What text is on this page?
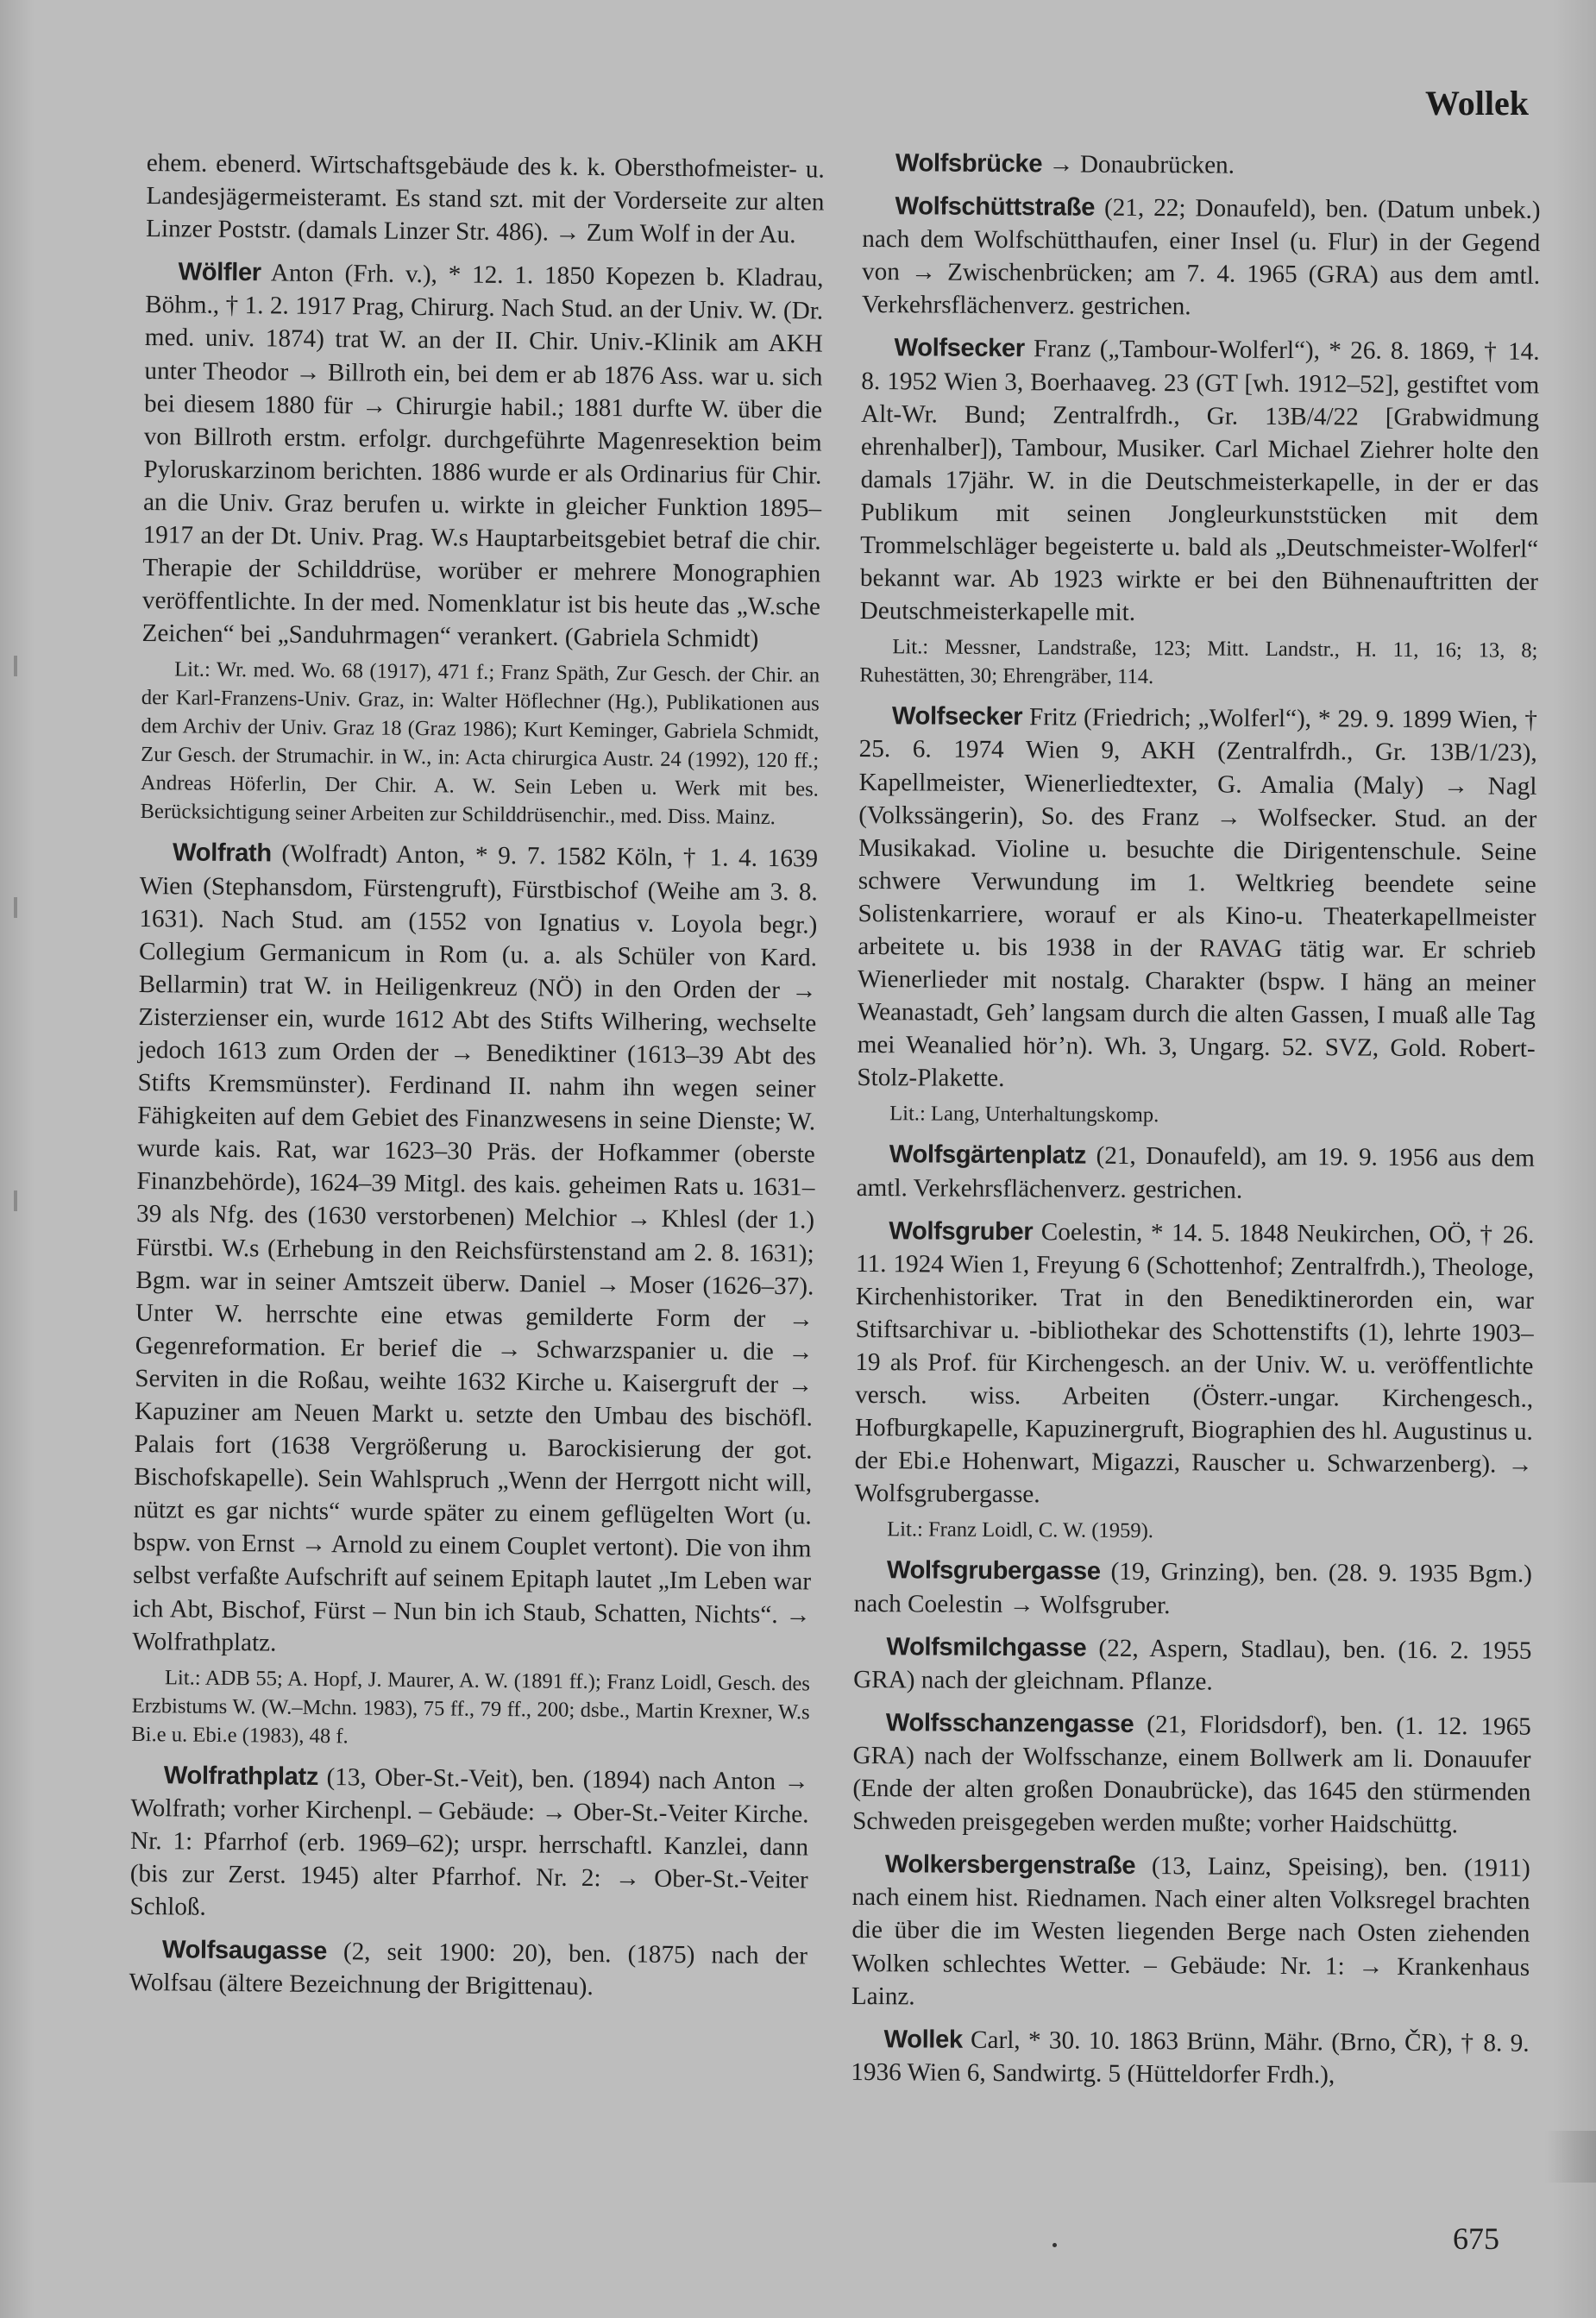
Wollek

ehem. ebenerd. Wirtschaftsgebäude des k. k. Obersthofmeister- u. Landesjägermeisteramt. Es stand szt. mit der Vorderseite zur alten Linzer Poststr. (damals Linzer Str. 486). → Zum Wolf in der Au.

Wölfler Anton (Frh. v.), * 12. 1. 1850 Kopezen b. Kladrau, Böhm., † 1. 2. 1917 Prag, Chirurg. Nach Stud. an der Univ. W. (Dr. med. univ. 1874) trat W. an der II. Chir. Univ.-Klinik am AKH unter Theodor → Billroth ein, bei dem er ab 1876 Ass. war u. sich bei diesem 1880 für → Chirurgie habil.; 1881 durfte W. über die von Billroth erstm. erfolgr. durchgeführte Magenresektion beim Pyloruskarzinom berichten. 1886 wurde er als Ordinarius für Chir. an die Univ. Graz berufen u. wirkte in gleicher Funktion 1895–1917 an der Dt. Univ. Prag. W.s Hauptarbeitsgebiet betraf die chir. Therapie der Schilddrüse, worüber er mehrere Monographien veröffentlichte. In der med. Nomenklatur ist bis heute das „W.sche Zeichen“ bei „Sanduhrmagen“ verankert. (Gabriela Schmidt)

Lit.: Wr. med. Wo. 68 (1917), 471 f.; Franz Späth, Zur Gesch. der Chir. an der Karl-Franzens-Univ. Graz, in: Walter Höflechner (Hg.), Publikationen aus dem Archiv der Univ. Graz 18 (Graz 1986); Kurt Keminger, Gabriela Schmidt, Zur Gesch. der Strumachir. in W., in: Acta chirurgica Austr. 24 (1992), 120 ff.; Andreas Höferlin, Der Chir. A. W. Sein Leben u. Werk mit bes. Berücksichtigung seiner Arbeiten zur Schilddrüsenchir., med. Diss. Mainz.

Wolfrath (Wolfradt) Anton, * 9. 7. 1582 Köln, † 1. 4. 1639 Wien (Stephansdom, Fürstengruft), Fürstbischof (Weihe am 3. 8. 1631). Nach Stud. am (1552 von Ignatius v. Loyola begr.) Collegium Germanicum in Rom (u. a. als Schüler von Kard. Bellarmin) trat W. in Heiligenkreuz (NÖ) in den Orden der → Zisterzienser ein, wurde 1612 Abt des Stifts Wilhering, wechselte jedoch 1613 zum Orden der → Benediktiner (1613–39 Abt des Stifts Kremsmünster). Ferdinand II. nahm ihn wegen seiner Fähigkeiten auf dem Gebiet des Finanzwesens in seine Dienste; W. wurde kais. Rat, war 1623–30 Präs. der Hofkammer (oberste Finanzbehörde), 1624–39 Mitgl. des kais. geheimen Rats u. 1631–39 als Nfg. des (1630 verstorbenen) Melchior → Khlesl (der 1.) Fürstbi. W.s (Erhebung in den Reichsfürstenstand am 2. 8. 1631); Bgm. war in seiner Amtszeit überw. Daniel → Moser (1626–37). Unter W. herrschte eine etwas gemilderte Form der → Gegenreformation. Er berief die → Schwarzspanier u. die → Serviten in die Roßau, weihte 1632 Kirche u. Kaisergruft der → Kapuziner am Neuen Markt u. setzte den Umbau des bischöfl. Palais fort (1638 Vergrößerung u. Barockisierung der got. Bischofskapelle). Sein Wahlspruch „Wenn der Herrgott nicht will, nützt es gar nichts“ wurde später zu einem geflügelten Wort (u. bspw. von Ernst → Arnold zu einem Couplet vertont). Die von ihm selbst verfaßte Aufschrift auf seinem Epitaph lautet „Im Leben war ich Abt, Bischof, Fürst – Nun bin ich Staub, Schatten, Nichts“. → Wolfrathplatz.

Lit.: ADB 55; A. Hopf, J. Maurer, A. W. (1891 ff.); Franz Loidl, Gesch. des Erzbistums W. (W.–Mchn. 1983), 75 ff., 79 ff., 200; dsbe., Martin Krexner, W.s Bi.e u. Ebi.e (1983), 48 f.

Wolfrathplatz (13, Ober-St.-Veit), ben. (1894) nach Anton → Wolfrath; vorher Kirchenpl. – Gebäude: → Ober-St.-Veiter Kirche. Nr. 1: Pfarrhof (erb. 1969–62); urspr. herrschaftl. Kanzlei, dann (bis zur Zerst. 1945) alter Pfarrhof. Nr. 2: → Ober-St.-Veiter Schloß.

Wolfsaugasse (2, seit 1900: 20), ben. (1875) nach der Wolfsau (ältere Bezeichnung der Brigittenau).

Wolfsbrücke → Donaubrücken.

Wolfschüttstraße (21, 22; Donaufeld), ben. (Datum unbek.) nach dem Wolfschütthaufen, einer Insel (u. Flur) in der Gegend von → Zwischenbrücken; am 7. 4. 1965 (GRA) aus dem amtl. Verkehrsflächenverz. gestrichen.

Wolfsecker Franz („Tambour-Wolferl“), * 26. 8. 1869, † 14. 8. 1952 Wien 3, Boerhaaveg. 23 (GT [wh. 1912–52], gestiftet vom Alt-Wr. Bund; Zentralfrdh., Gr. 13B/4/22 [Grabwidmung ehrenhalber]), Tambour, Musiker. Carl Michael Ziehrer holte den damals 17jähr. W. in die Deutschmeisterkapelle, in der er das Publikum mit seinen Jongleurkunststücken mit dem Trommelschläger begeisterte u. bald als „Deutschmeister-Wolferl“ bekannt war. Ab 1923 wirkte er bei den Bühnenauftritten der Deutschmeisterkapelle mit.

Lit.: Messner, Landstraße, 123; Mitt. Landstr., H. 11, 16; 13, 8; Ruhestätten, 30; Ehrengräber, 114.

Wolfsecker Fritz (Friedrich; „Wolferl“), * 29. 9. 1899 Wien, † 25. 6. 1974 Wien 9, AKH (Zentralfrdh., Gr. 13B/1/23), Kapellmeister, Wienerliedtexter, G. Amalia (Maly) → Nagl (Volkssängerin), So. des Franz → Wolfsecker. Stud. an der Musikakad. Violine u. besuchte die Dirigentenschule. Seine schwere Verwundung im 1. Weltkrieg beendete seine Solistenkarriere, worauf er als Kino-u. Theaterkapellmeister arbeitete u. bis 1938 in der RAVAG tätig war. Er schrieb Wienerlieder mit nostalg. Charakter (bspw. I häng an meiner Weanastadt, Geh’ langsam durch die alten Gassen, I muaß alle Tag mei Weanalied hör’n). Wh. 3, Ungarg. 52. SVZ, Gold. Robert-Stolz-Plakette.

Lit.: Lang, Unterhaltungskomp.

Wolfsgärtenplatz (21, Donaufeld), am 19. 9. 1956 aus dem amtl. Verkehrsflächenverz. gestrichen.

Wolfsgruber Coelestin, * 14. 5. 1848 Neukirchen, OÖ, † 26. 11. 1924 Wien 1, Freyung 6 (Schottenhof; Zentralfrdh.), Theologe, Kirchenhistoriker. Trat in den Benediktinerorden ein, war Stiftsarchivar u. -bibliothekar des Schottenstifts (1), lehrte 1903–19 als Prof. für Kirchengesch. an der Univ. W. u. veröffentlichte versch. wiss. Arbeiten (Österr.-ungar. Kirchengesch., Hofburgkapelle, Kapuzinergruft, Biographien des hl. Augustinus u. der Ebi.e Hohenwart, Migazzi, Rauscher u. Schwarzenberg). → Wolfsgrubergasse.

Lit.: Franz Loidl, C. W. (1959).

Wolfsgrubergasse (19, Grinzing), ben. (28. 9. 1935 Bgm.) nach Coelestin → Wolfsgruber.

Wolfsmilchgasse (22, Aspern, Stadlau), ben. (16. 2. 1955 GRA) nach der gleichnam. Pflanze.

Wolfsschanzengasse (21, Floridsdorf), ben. (1. 12. 1965 GRA) nach der Wolfsschanze, einem Bollwerk am li. Donauufer (Ende der alten großen Donaubrücke), das 1645 den stürmenden Schweden preisgegeben werden mußte; vorher Haidschüttg.

Wolkersbergenstraße (13, Lainz, Speising), ben. (1911) nach einem hist. Riednamen. Nach einer alten Volksregel brachten die über die im Westen liegenden Berge nach Osten ziehenden Wolken schlechtes Wetter. – Gebäude: Nr. 1: → Krankenhaus Lainz.

Wollek Carl, * 30. 10. 1863 Brünn, Mähr. (Brno, ČR), † 8. 9. 1936 Wien 6, Sandwirtg. 5 (Hütteldorfer Frdh.),

675
